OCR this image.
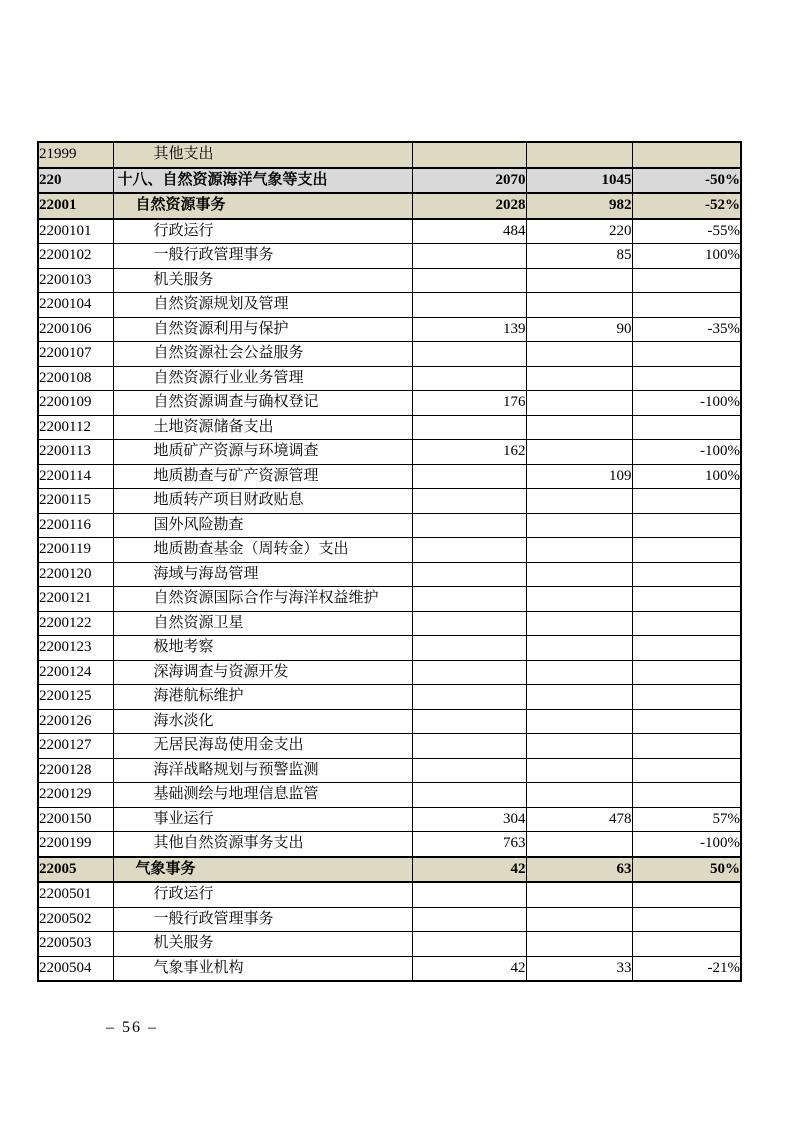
21999	其他支出			
220	十八、自然资源海洋气象等支出	2070	1045	-50%
22001	自然资源事务	2028	982	-52%
2200101	行政运行	484	220	-55%
2200102	一般行政管理事务		85	100%
2200103	机关服务			
2200104	自然资源规划及管理			
2200106	自然资源利用与保护	139	90	-35%
2200107	自然资源社会公益服务			
2200108	自然资源行业业务管理			
2200109	自然资源调查与确权登记	176		-100%
2200112	土地资源储备支出			
2200113	地质矿产资源与环境调查	162		-100%
2200114	地质勘查与矿产资源管理		109	100%
2200115	地质转产项目财政贴息			
2200116	国外风险勘查			
2200119	地质勘查基金（周转金）支出			
2200120	海域与海岛管理			
2200121	自然资源国际合作与海洋权益维护			
2200122	自然资源卫星			
2200123	极地考察			
2200124	深海调查与资源开发			
2200125	海港航标维护			
2200126	海水淡化			
2200127	无居民海岛使用金支出			
2200128	海洋战略规划与预警监测			
2200129	基础测绘与地理信息监管			
2200150	事业运行	304	478	57%
2200199	其他自然资源事务支出	763		-100%
22005	气象事务	42	63	50%
2200501	行政运行			
2200502	一般行政管理事务			
2200503	机关服务			
2200504	气象事业机构	42	33	-21%
– 56 –
